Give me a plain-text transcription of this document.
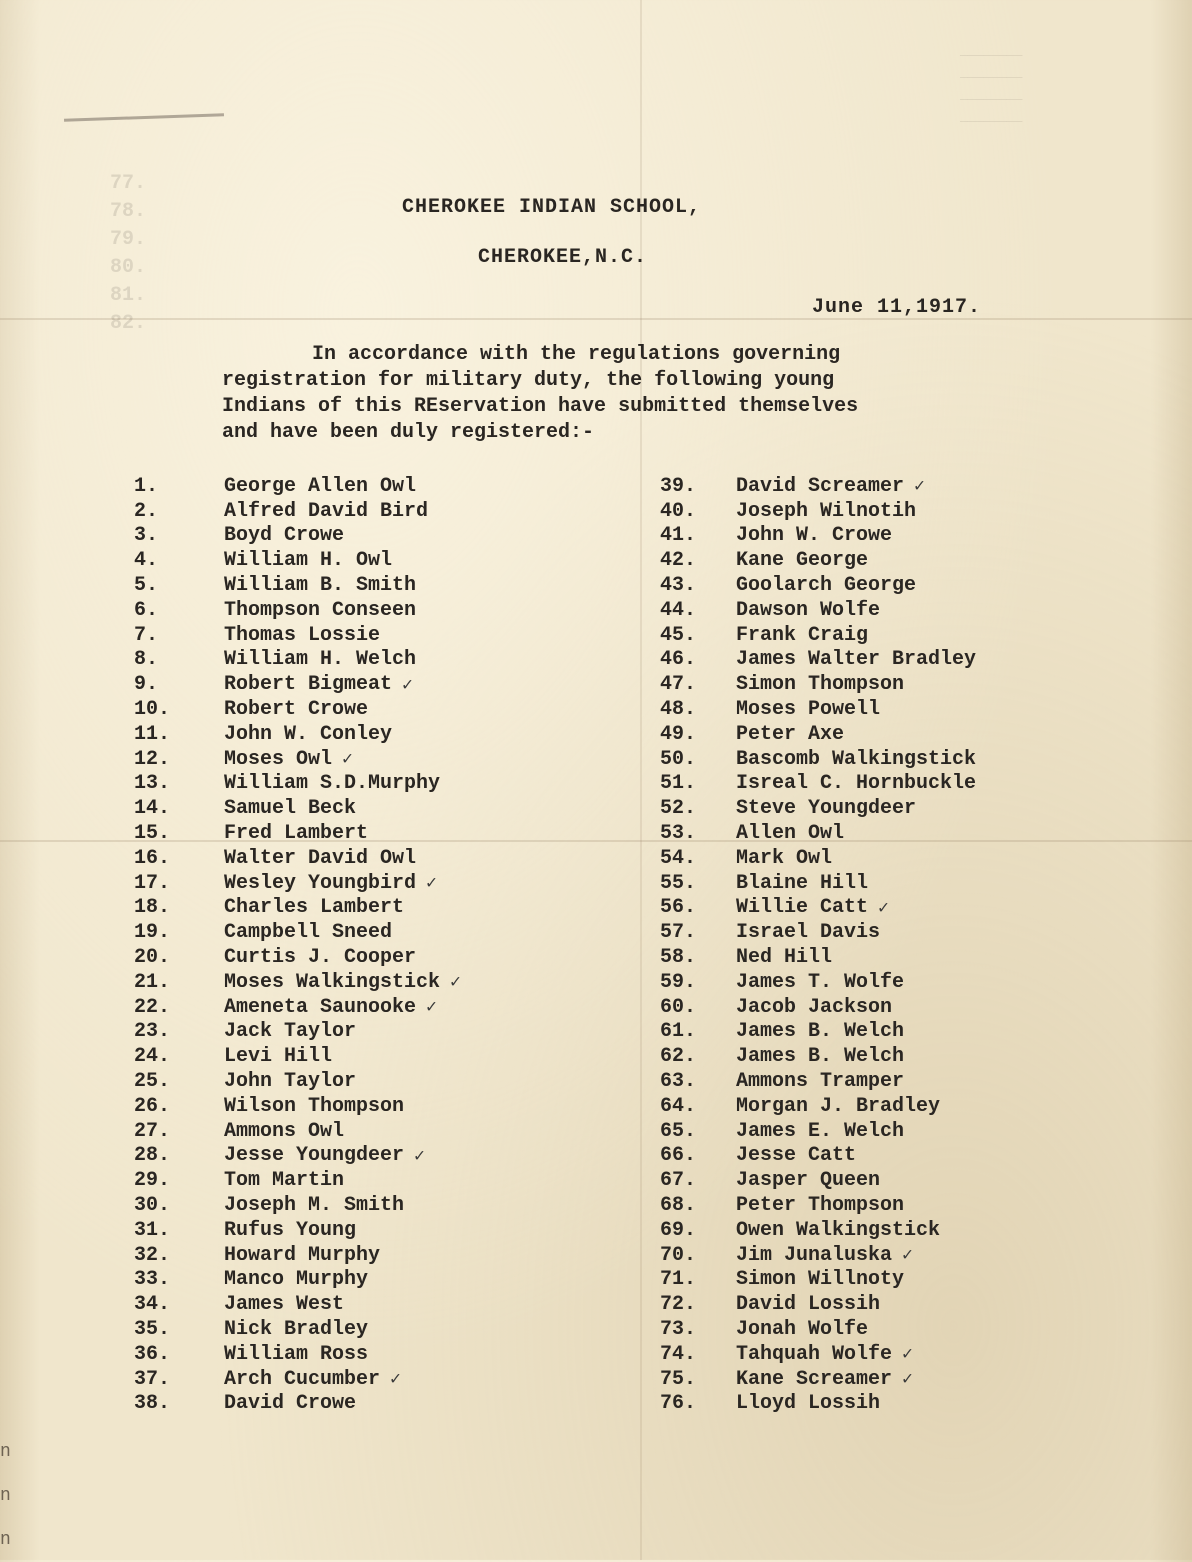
77.
78.
79.
80.
81.
82.
________
________
________
________
n
n
n
CHEROKEE INDIAN SCHOOL,
CHEROKEE,N.C.
June 11,1917.
In accordance with the regulations governing
registration for military duty, the following young
Indians of this REservation have submitted themselves
and have been duly registered:-
1.	George Allen Owl
2.	Alfred David Bird
3.	Boyd Crowe
4.	William H. Owl
5.	William B. Smith
6.	Thompson Conseen
7.	Thomas Lossie
8.	William H. Welch
9.	Robert Bigmeat ✓
10.	Robert Crowe
11.	John W. Conley
12.	Moses Owl ✓
13.	William S.D.Murphy
14.	Samuel Beck
15.	Fred Lambert
16.	Walter David Owl
17.	Wesley Youngbird ✓
18.	Charles Lambert
19.	Campbell Sneed
20.	Curtis J. Cooper
21.	Moses Walkingstick ✓
22.	Ameneta Saunooke ✓
23.	Jack Taylor
24.	Levi Hill
25.	John Taylor
26.	Wilson Thompson
27.	Ammons Owl
28.	Jesse Youngdeer ✓
29.	Tom Martin
30.	Joseph M. Smith
31.	Rufus Young
32.	Howard Murphy
33.	Manco Murphy
34.	James West
35.	Nick Bradley
36.	William Ross
37.	Arch Cucumber ✓
38.	David Crowe
39.	David Screamer ✓
40.	Joseph Wilnotih
41.	John W. Crowe
42.	Kane George
43.	Goolarch George
44.	Dawson Wolfe
45.	Frank Craig
46.	James Walter Bradley
47.	Simon Thompson
48.	Moses Powell
49.	Peter Axe
50.	Bascomb Walkingstick
51.	Isreal C. Hornbuckle
52.	Steve Youngdeer
53.	Allen Owl
54.	Mark Owl
55.	Blaine Hill
56.	Willie Catt ✓
57.	Israel Davis
58.	Ned Hill
59.	James T. Wolfe
60.	Jacob Jackson
61.	James B. Welch
62.	James B. Welch
63.	Ammons Tramper
64.	Morgan J. Bradley
65.	James E. Welch
66.	Jesse Catt
67.	Jasper Queen
68.	Peter Thompson
69.	Owen Walkingstick
70.	Jim Junaluska ✓
71.	Simon Willnoty
72.	David Lossih
73.	Jonah Wolfe
74.	Tahquah Wolfe ✓
75.	Kane Screamer ✓
76.	Lloyd Lossih
